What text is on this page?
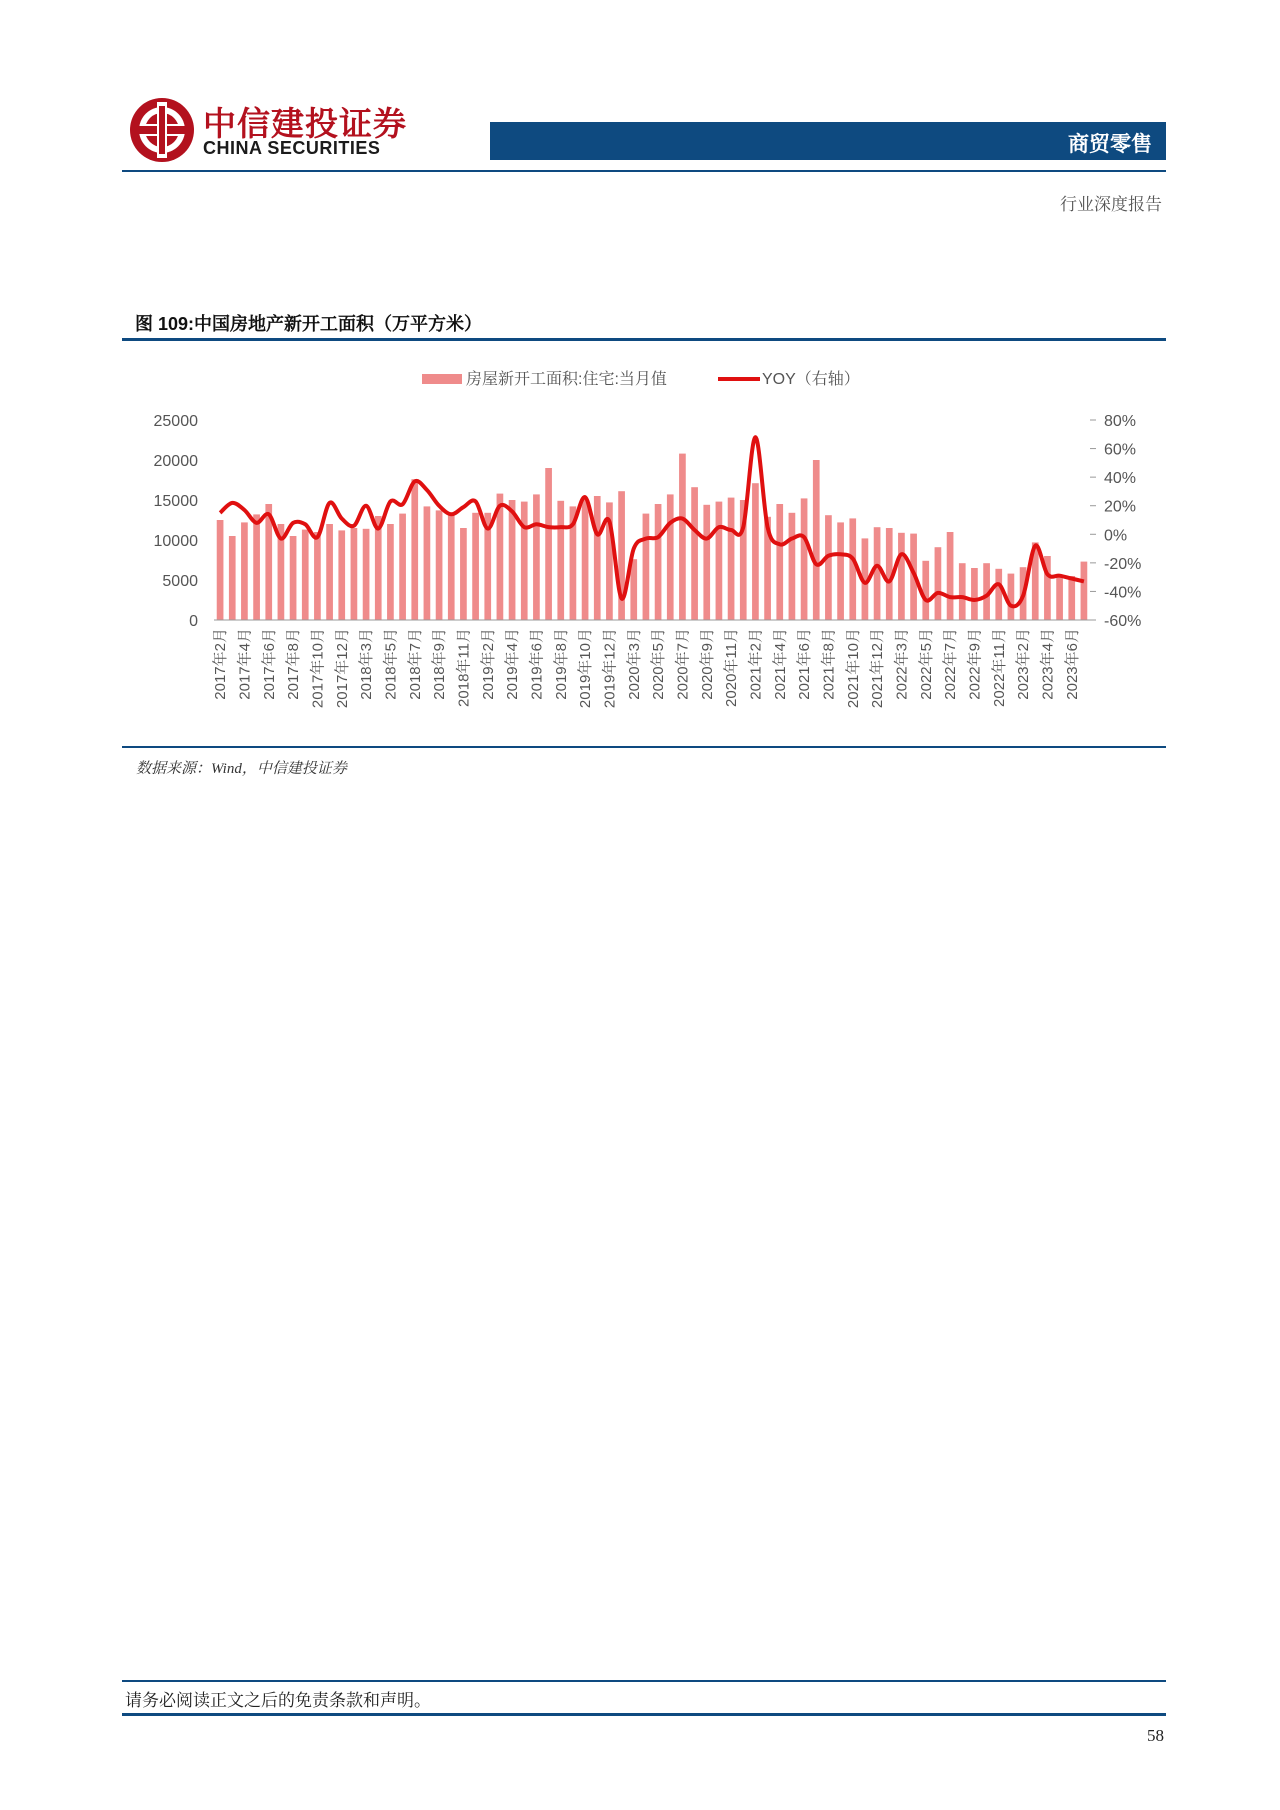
中信建投证券
CHINA SECURITIES	商贸零售
行业深度报告
图 109:中国房地产新开工面积（万平方米）
房屋新开工面积:住宅:当月值	YOY（右轴）
25000
20000
15000
10000
5000
0
80%
60%
40%
20%
0%
-20%
-40%
-60%
2017年2月 2017年4月 2017年6月 2017年8月 2017年10月 2017年12月 2018年3月 2018年5月 2018年7月 2018年9月 2018年11月 2019年2月 2019年4月 2019年6月 2019年8月 2019年10月 2019年12月 2020年3月 2020年5月 2020年7月 2020年9月 2020年11月 2021年2月 2021年4月 2021年6月 2021年8月 2021年10月 2021年12月 2022年3月 2022年5月 2022年7月 2022年9月 2022年11月 2023年2月 2023年4月 2023年6月
数据来源：Wind，中信建投证券
请务必阅读正文之后的免责条款和声明。
58
